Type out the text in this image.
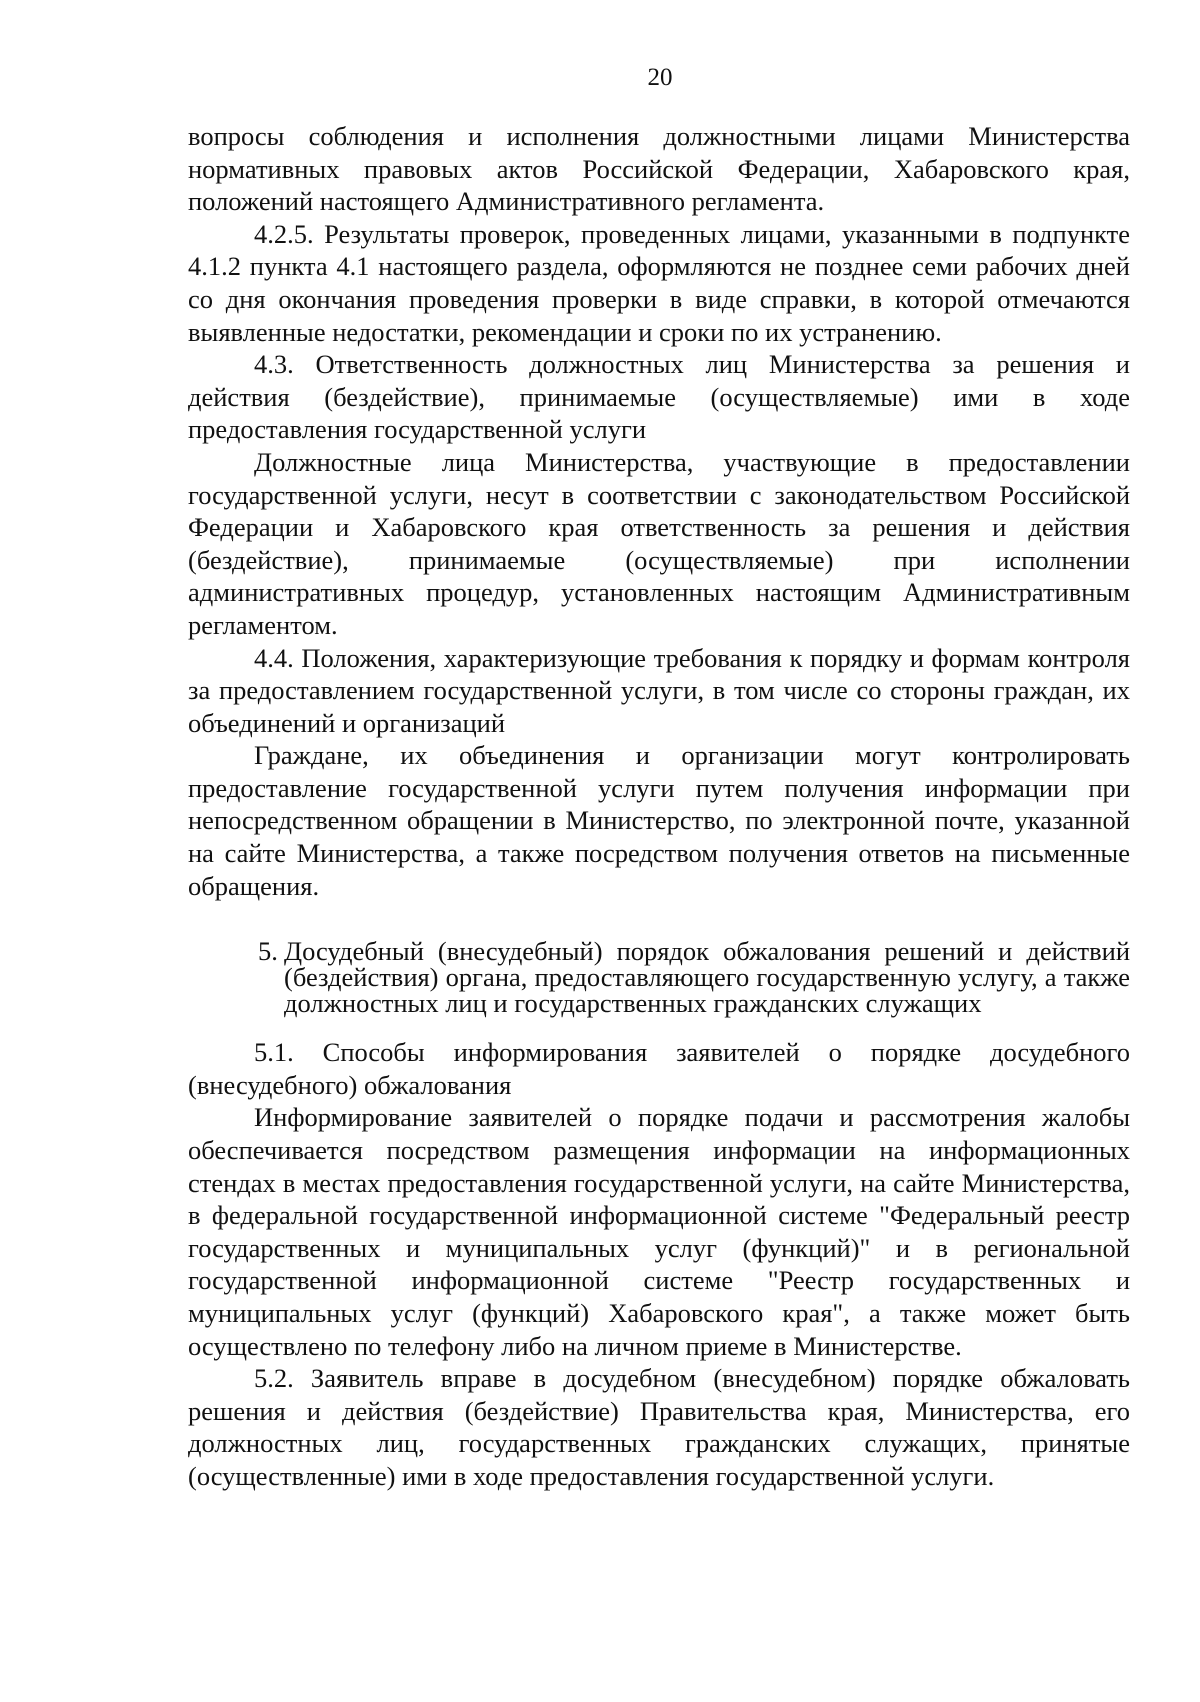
20

вопросы соблюдения и исполнения должностными лицами Министерства нормативных правовых актов Российской Федерации, Хабаровского края, положений настоящего Административного регламента.

4.2.5. Результаты проверок, проведенных лицами, указанными в подпункте 4.1.2 пункта 4.1 настоящего раздела, оформляются не позднее семи рабочих дней со дня окончания проведения проверки в виде справки, в которой отмечаются выявленные недостатки, рекомендации и сроки по их устранению.

4.3. Ответственность должностных лиц Министерства за решения и действия (бездействие), принимаемые (осуществляемые) ими в ходе предоставления государственной услуги

Должностные лица Министерства, участвующие в предоставлении государственной услуги, несут в соответствии с законодательством Российской Федерации и Хабаровского края ответственность за решения и действия (бездействие), принимаемые (осуществляемые) при исполнении административных процедур, установленных настоящим Административным регламентом.

4.4. Положения, характеризующие требования к порядку и формам контроля за предоставлением государственной услуги, в том числе со стороны граждан, их объединений и организаций

Граждане, их объединения и организации могут контролировать предоставление государственной услуги путем получения информации при непосредственном обращении в Министерство, по электронной почте, указанной на сайте Министерства, а также посредством получения ответов на письменные обращения.

5. Досудебный (внесудебный) порядок обжалования решений и действий (бездействия) органа, предоставляющего государственную услугу, а также должностных лиц и государственных гражданских служащих

5.1. Способы информирования заявителей о порядке досудебного (внесудебного) обжалования

Информирование заявителей о порядке подачи и рассмотрения жалобы обеспечивается посредством размещения информации на информационных стендах в местах предоставления государственной услуги, на сайте Министерства, в федеральной государственной информационной системе "Федеральный реестр государственных и муниципальных услуг (функций)" и в региональной государственной информационной системе "Реестр государственных и муниципальных услуг (функций) Хабаровского края", а также может быть осуществлено по телефону либо на личном приеме в Министерстве.

5.2. Заявитель вправе в досудебном (внесудебном) порядке обжаловать решения и действия (бездействие) Правительства края, Министерства, его должностных лиц, государственных гражданских служащих, принятые (осуществленные) ими в ходе предоставления государственной услуги.
